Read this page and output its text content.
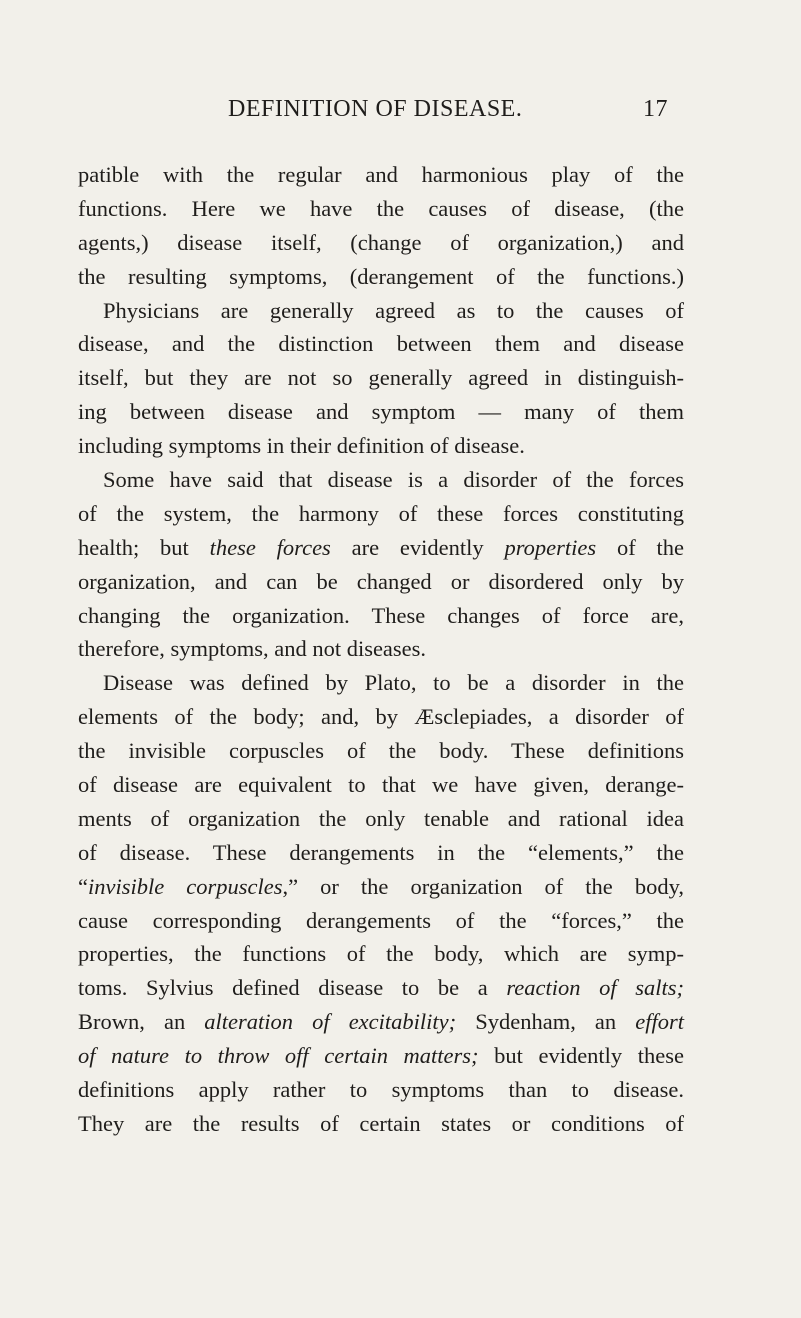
DEFINITION OF DISEASE.	17
patible with the regular and harmonious play of the
functions. Here we have the causes of disease, (the
agents,) disease itself, (change of organization,) and
the resulting symptoms, (derangement of the functions.)
Physicians are generally agreed as to the causes of
disease, and the distinction between them and disease
itself, but they are not so generally agreed in distinguish-
ing between disease and symptom — many of them
including symptoms in their definition of disease.
Some have said that disease is a disorder of the forces
of the system, the harmony of these forces constituting
health; but these forces are evidently properties of the
organization, and can be changed or disordered only by
changing the organization. These changes of force are,
therefore, symptoms, and not diseases.
Disease was defined by Plato, to be a disorder in the
elements of the body; and, by Æsclepiades, a disorder of
the invisible corpuscles of the body. These definitions
of disease are equivalent to that we have given, derange-
ments of organization the only tenable and rational idea
of disease. These derangements in the “elements,” the
“invisible corpuscles,” or the organization of the body,
cause corresponding derangements of the “forces,” the
properties, the functions of the body, which are symp-
toms. Sylvius defined disease to be a reaction of salts;
Brown, an alteration of excitability; Sydenham, an effort
of nature to throw off certain matters; but evidently these
definitions apply rather to symptoms than to disease.
They are the results of certain states or conditions of
